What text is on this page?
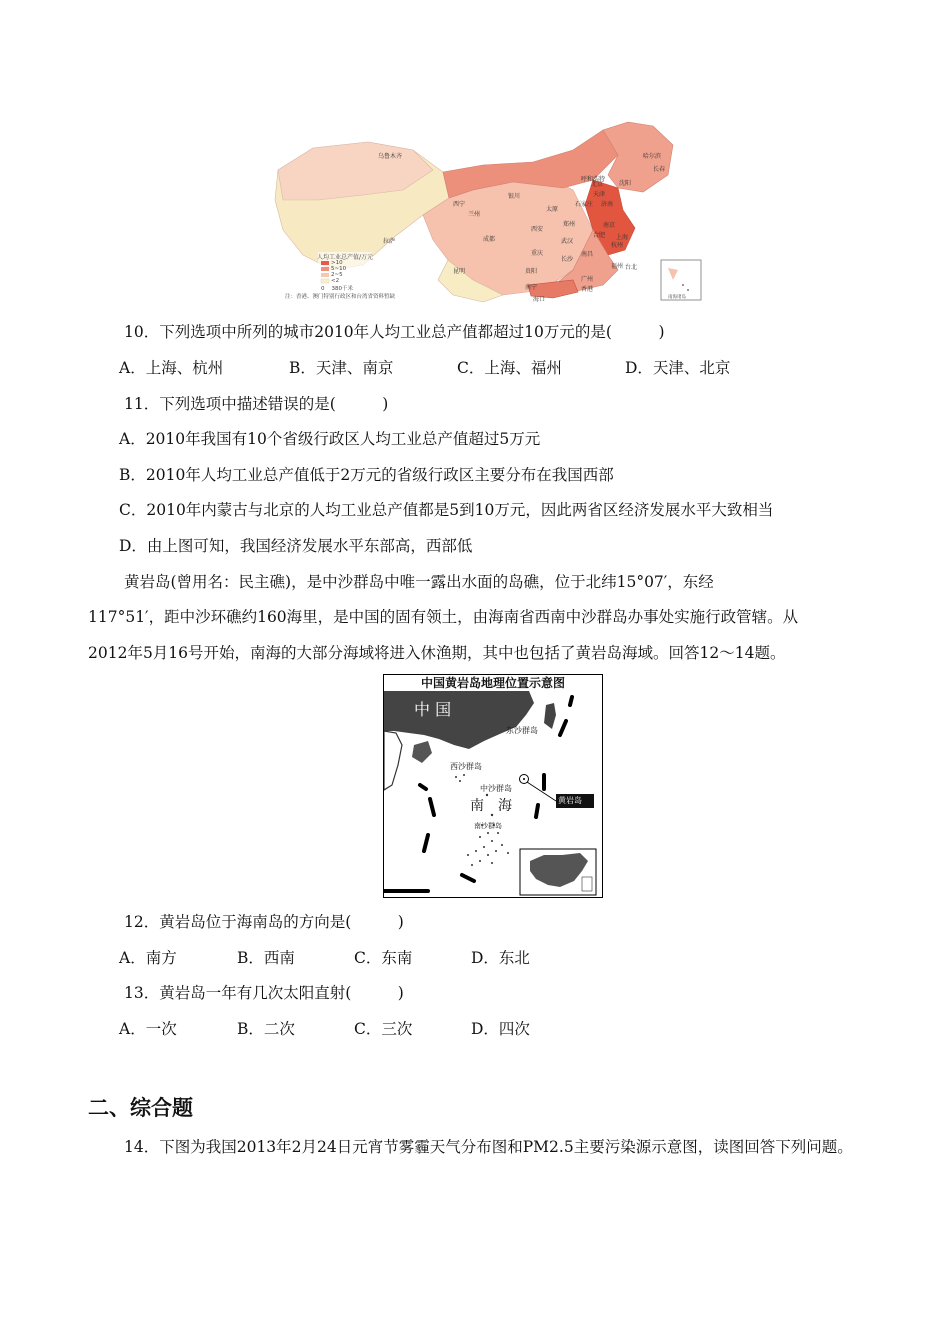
人均工业总产值/万元
>10
5~10
2~5
<2
0    380千米
注：香港、澳门特别行政区和台湾省资料暂缺	南海诸岛
乌鲁木齐	哈尔滨
长春
呼和浩特
北京	沈阳
天津
西宁
兰州
太原
石家庄 济南
银川
郑州	南京
西安
合肥 上海
拉萨	成都	武汉
杭州
重庆
长沙
南昌
贵阳
福州
昆明
广州
台北
南宁	香港
海口
10．下列选项中所列的城市2010年人均工业总产值都超过10万元的是(　　　)
A．上海、杭州	B．天津、南京	C．上海、福州	D．天津、北京
11．下列选项中描述错误的是(　　　)
A．2010年我国有10个省级行政区人均工业总产值超过5万元
B．2010年人均工业总产值低于2万元的省级行政区主要分布在我国西部
C．2010年内蒙古与北京的人均工业总产值都是5到10万元，因此两省区经济发展水平大致相当
D．由上图可知，我国经济发展水平东部高，西部低
黄岩岛(曾用名：民主礁)，是中沙群岛中唯一露出水面的岛礁，位于北纬15°07′，东经
117°51′，距中沙环礁约160海里，是中国的固有领土，由海南省西南中沙群岛办事处实施行政管辖。从
2012年5月16号开始，南海的大部分海域将进入休渔期，其中也包括了黄岩岛海域。回答12～14题。
中国黄岩岛地理位置示意图
中 国
东沙群岛
西沙群岛
中沙群岛
南　海	黄岩岛
南沙群岛
12．黄岩岛位于海南岛的方向是(　　　)
A．南方	B．西南	C．东南	D．东北
13．黄岩岛一年有几次太阳直射(　　　)
A．一次	B．二次	C．三次	D．四次
二、综合题
14．下图为我国2013年2月24日元宵节雾霾天气分布图和PM2.5主要污染源示意图，读图回答下列问题。
